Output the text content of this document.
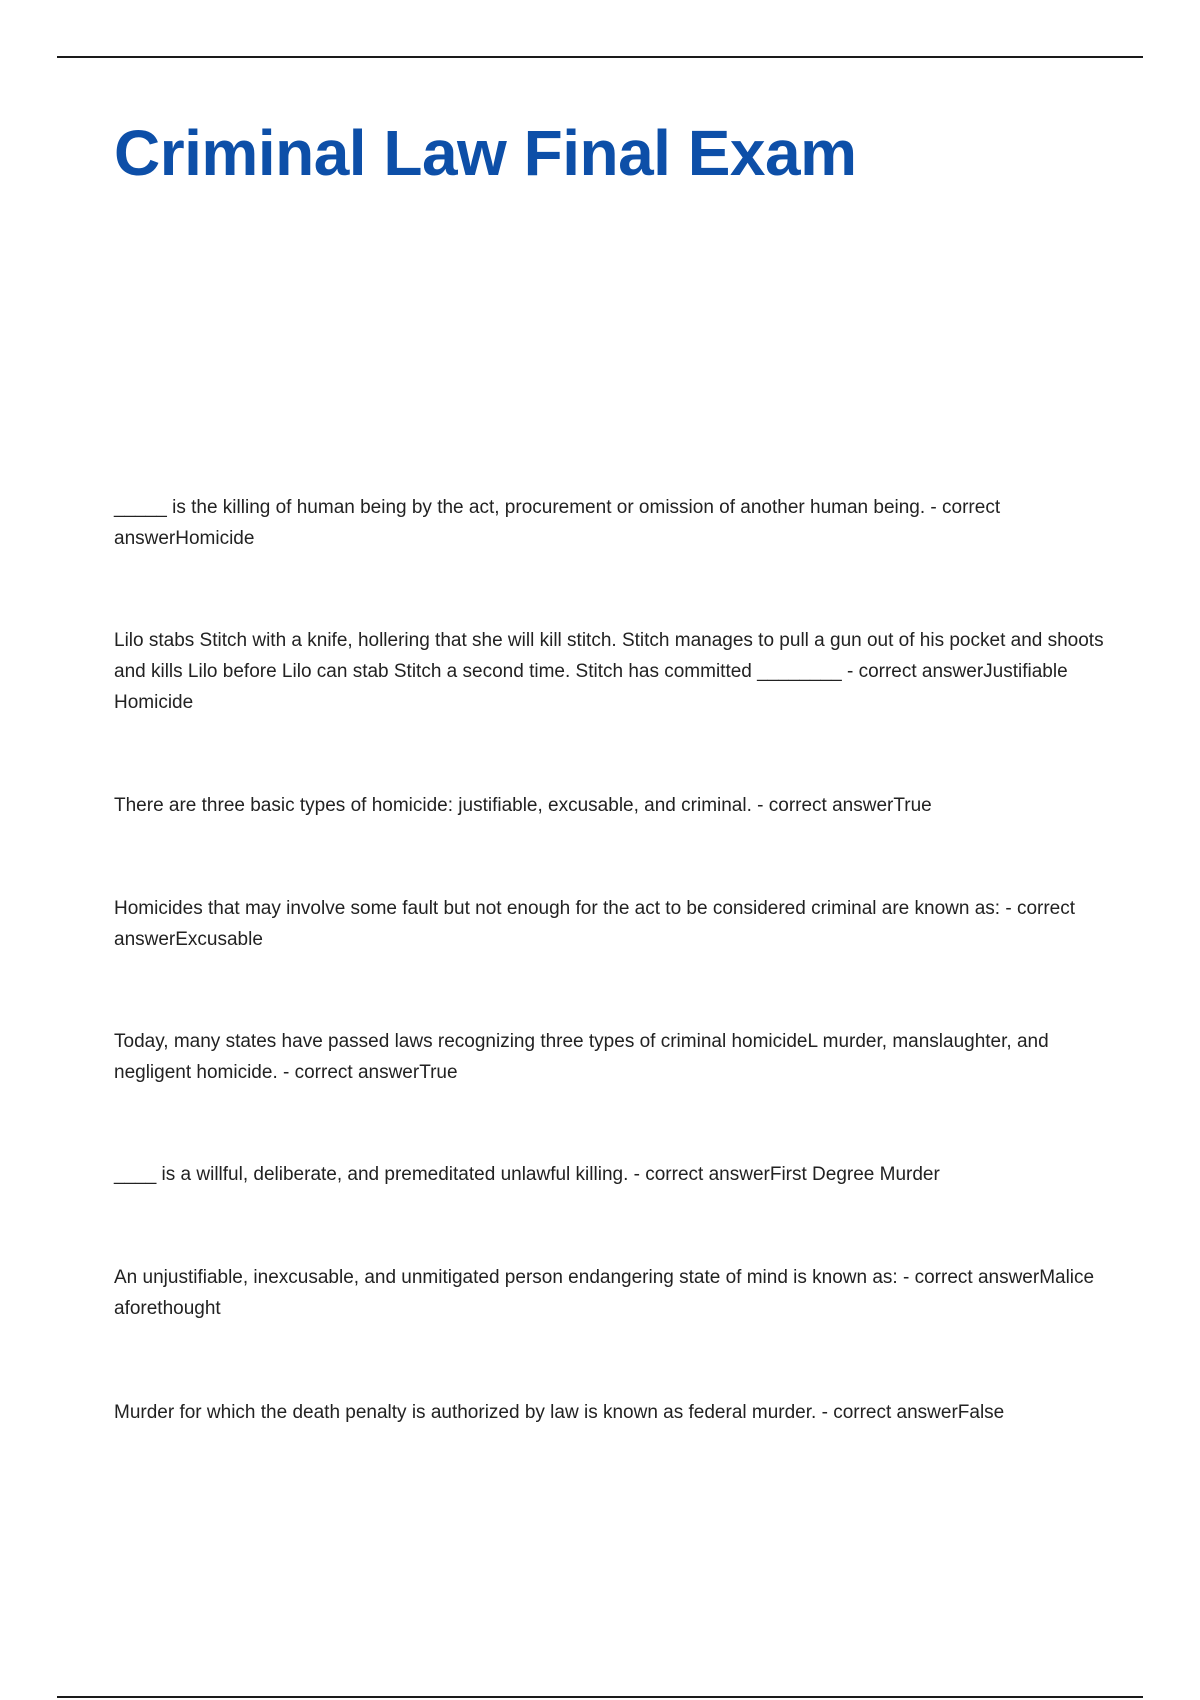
Criminal Law Final Exam

_____ is the killing of human being by the act, procurement or omission of another human being. - correct answerHomicide

Lilo stabs Stitch with a knife, hollering that she will kill stitch. Stitch manages to pull a gun out of his pocket and shoots and kills Lilo before Lilo can stab Stitch a second time. Stitch has committed ________ - correct answerJustifiable Homicide

There are three basic types of homicide: justifiable, excusable, and criminal. - correct answerTrue

Homicides that may involve some fault but not enough for the act to be considered criminal are known as: - correct answerExcusable

Today, many states have passed laws recognizing three types of criminal homicideL murder, manslaughter, and negligent homicide. - correct answerTrue

____ is a willful, deliberate, and premeditated unlawful killing. - correct answerFirst Degree Murder

An unjustifiable, inexcusable, and unmitigated person endangering state of mind is known as: - correct answerMalice aforethought

Murder for which the death penalty is authorized by law is known as federal murder. - correct answerFalse
